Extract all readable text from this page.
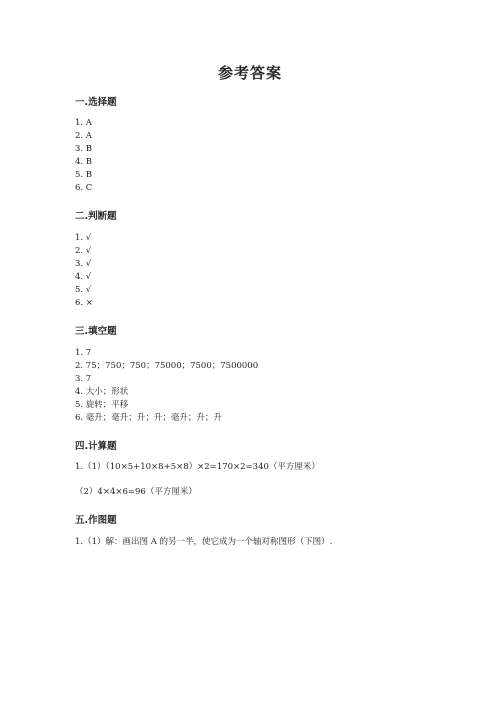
参考答案
一.选择题
1. A
2. A
3. B
4. B
5. B
6. C
二.判断题
1. √
2. √
3. √
4. √
5. √
6. ×
三.填空题
1. 7
2. 75；750；750；75000；7500；7500000
3. 7
4. 大小；形状
5. 旋转；平移
6. 毫升；毫升；升；升；毫升；升；升
四.计算题
1.（1）（10×5+10×8+5×8）×2=170×2=340（平方厘米）
（2）4×4×6=96（平方厘米）
五.作图题
1.（1）解：画出图 A 的另一半，使它成为一个轴对称图形（下图）.
